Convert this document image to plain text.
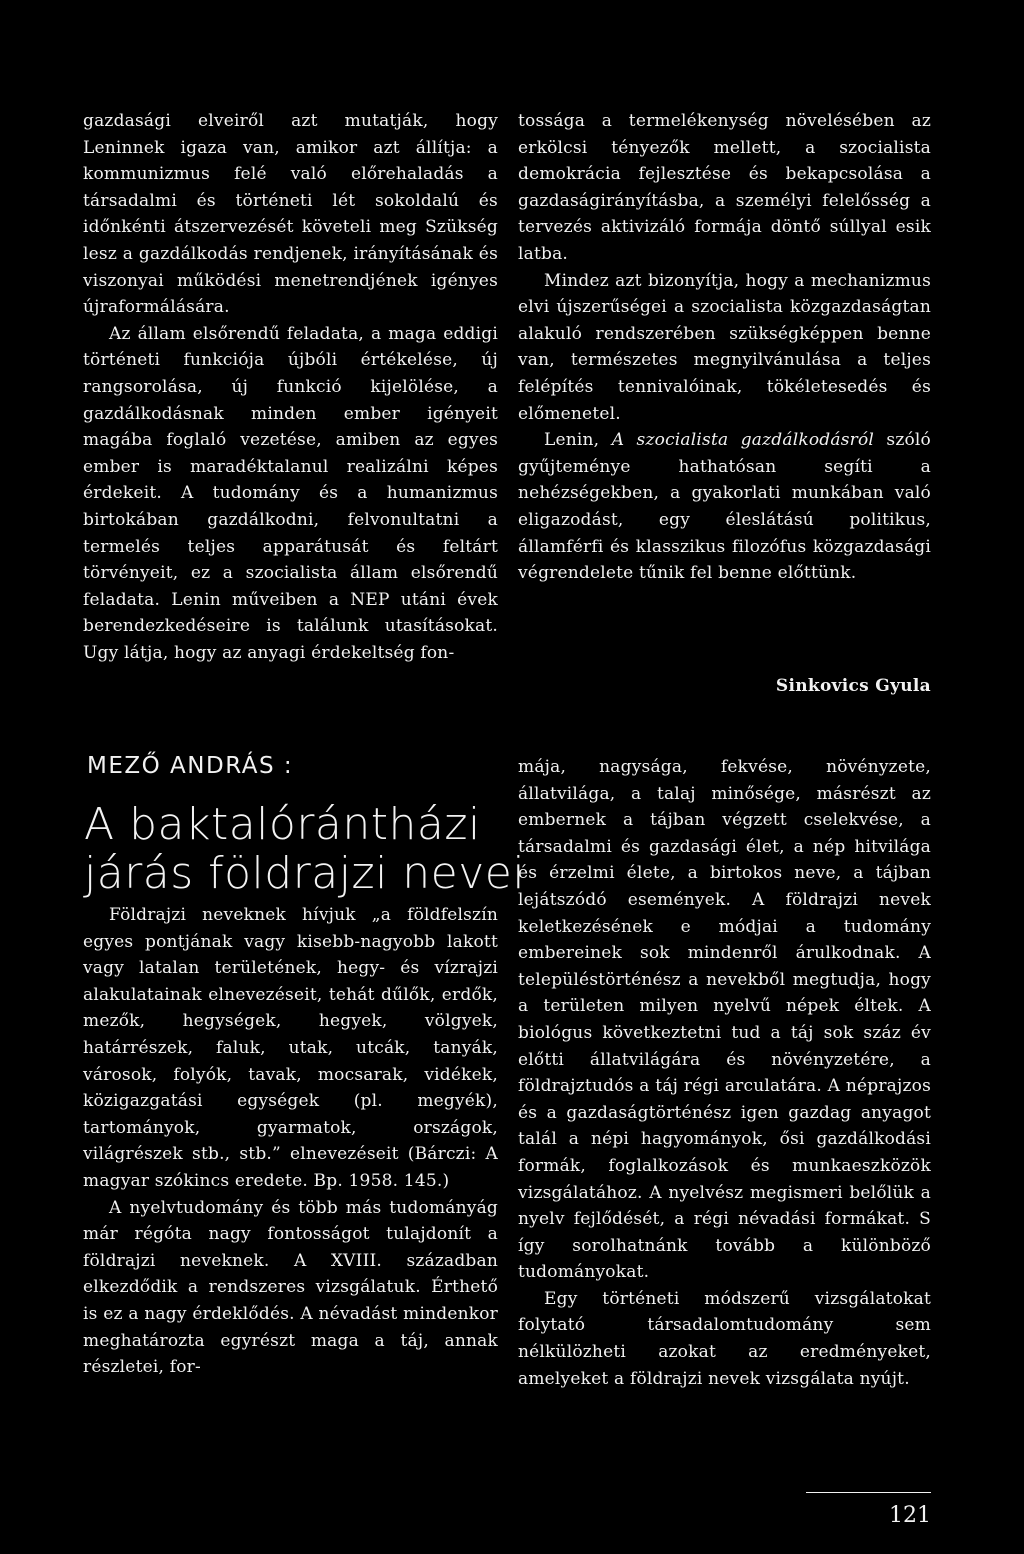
gazdasági elveiről azt mutatják, hogy Leninnek igaza van, amikor azt állítja: a kommunizmus felé való előrehaladás a társadalmi és történeti lét sokoldalú és időnkénti átszervezését követeli meg Szükség lesz a gazdálkodás rendjenek, irányításának és viszonyai működési menetrendjének igényes újraformálására.

Az állam elsőrendű feladata, a maga eddigi történeti funkciója újbóli értékelése, új rangsorolása, új funkció kijelölése, a gazdálkodásnak minden ember igényeit magába foglaló vezetése, amiben az egyes ember is maradéktalanul realizálni képes érdekeit. A tudomány és a humanizmus birtokában gazdálkodni, felvonultatni a termelés teljes apparátusát és feltárt törvényeit, ez a szocialista állam elsőrendű feladata. Lenin műveiben a NEP utáni évek berendezkedéseire is találunk utasításokat. Ugy látja, hogy az anyagi érdekeltség fon-

tossága a termelékenység növelésében az erkölcsi tényezők mellett, a szocialista demokrácia fejlesztése és bekapcsolása a gazdaságirányításba, a személyi felelősség a tervezés aktivizáló formája döntő súllyal esik latba.

Mindez azt bizonyítja, hogy a mechanizmus elvi újszerűségei a szocialista közgazdaságtan alakuló rendszerében szükségképpen benne van, természetes megnyilvánulása a teljes felépítés tennivalóinak, tökéletesedés és előmenetel.

Lenin, A szocialista gazdálkodásról szóló gyűjteménye hathatósan segíti a nehézségekben, a gyakorlati munkában való eligazodást, egy éleslátású politikus, államférfi és klasszikus filozófus közgazdasági végrendelete tűnik fel benne előttünk.

Sinkovics Gyula
MEZŐ ANDRÁS :
A baktalórántházi
járás földrajzi nevei

Földrajzi neveknek hívjuk „a földfelszín egyes pontjának vagy kisebb-nagyobb lakott vagy latalan területének, hegy- és vízrajzi alakulatainak elnevezéseit, tehát dűlők, erdők, mezők, hegységek, hegyek, völgyek, határrészek, faluk, utak, utcák, tanyák, városok, folyók, tavak, mocsarak, vidékek, közigazgatási egységek (pl. megyék), tartományok, gyarmatok, országok, világrészek stb., stb.” elnevezéseit (Bárczi: A magyar szókincs eredete. Bp. 1958. 145.)

A nyelvtudomány és több más tudományág már régóta nagy fontosságot tulajdonít a földrajzi neveknek. A XVIII. században elkezdődik a rendszeres vizsgálatuk. Érthető is ez a nagy érdeklődés. A névadást mindenkor meghatározta egyrészt maga a táj, annak részletei, for-

mája, nagysága, fekvése, növényzete, állatvilága, a talaj minősége, másrészt az embernek a tájban végzett cselekvése, a társadalmi és gazdasági élet, a nép hitvilága és érzelmi élete, a birtokos neve, a tájban lejátszódó események. A földrajzi nevek keletkezésének e módjai a tudomány embereinek sok mindenről árulkodnak. A településtörténész a nevekből megtudja, hogy a területen milyen nyelvű népek éltek. A biológus következtetni tud a táj sok száz év előtti állatvilágára és növényzetére, a földrajztudós a táj régi arculatára. A néprajzos és a gazdaságtörténész igen gazdag anyagot talál a népi hagyományok, ősi gazdálkodási formák, foglalkozások és munkaeszközök vizsgálatához. A nyelvész megismeri belőlük a nyelv fejlődését, a régi névadási formákat. S így sorolhatnánk tovább a különböző tudományokat.

Egy történeti módszerű vizsgálatokat folytató társadalomtudomány sem nélkülözheti azokat az eredményeket, amelyeket a földrajzi nevek vizsgálata nyújt.

121
